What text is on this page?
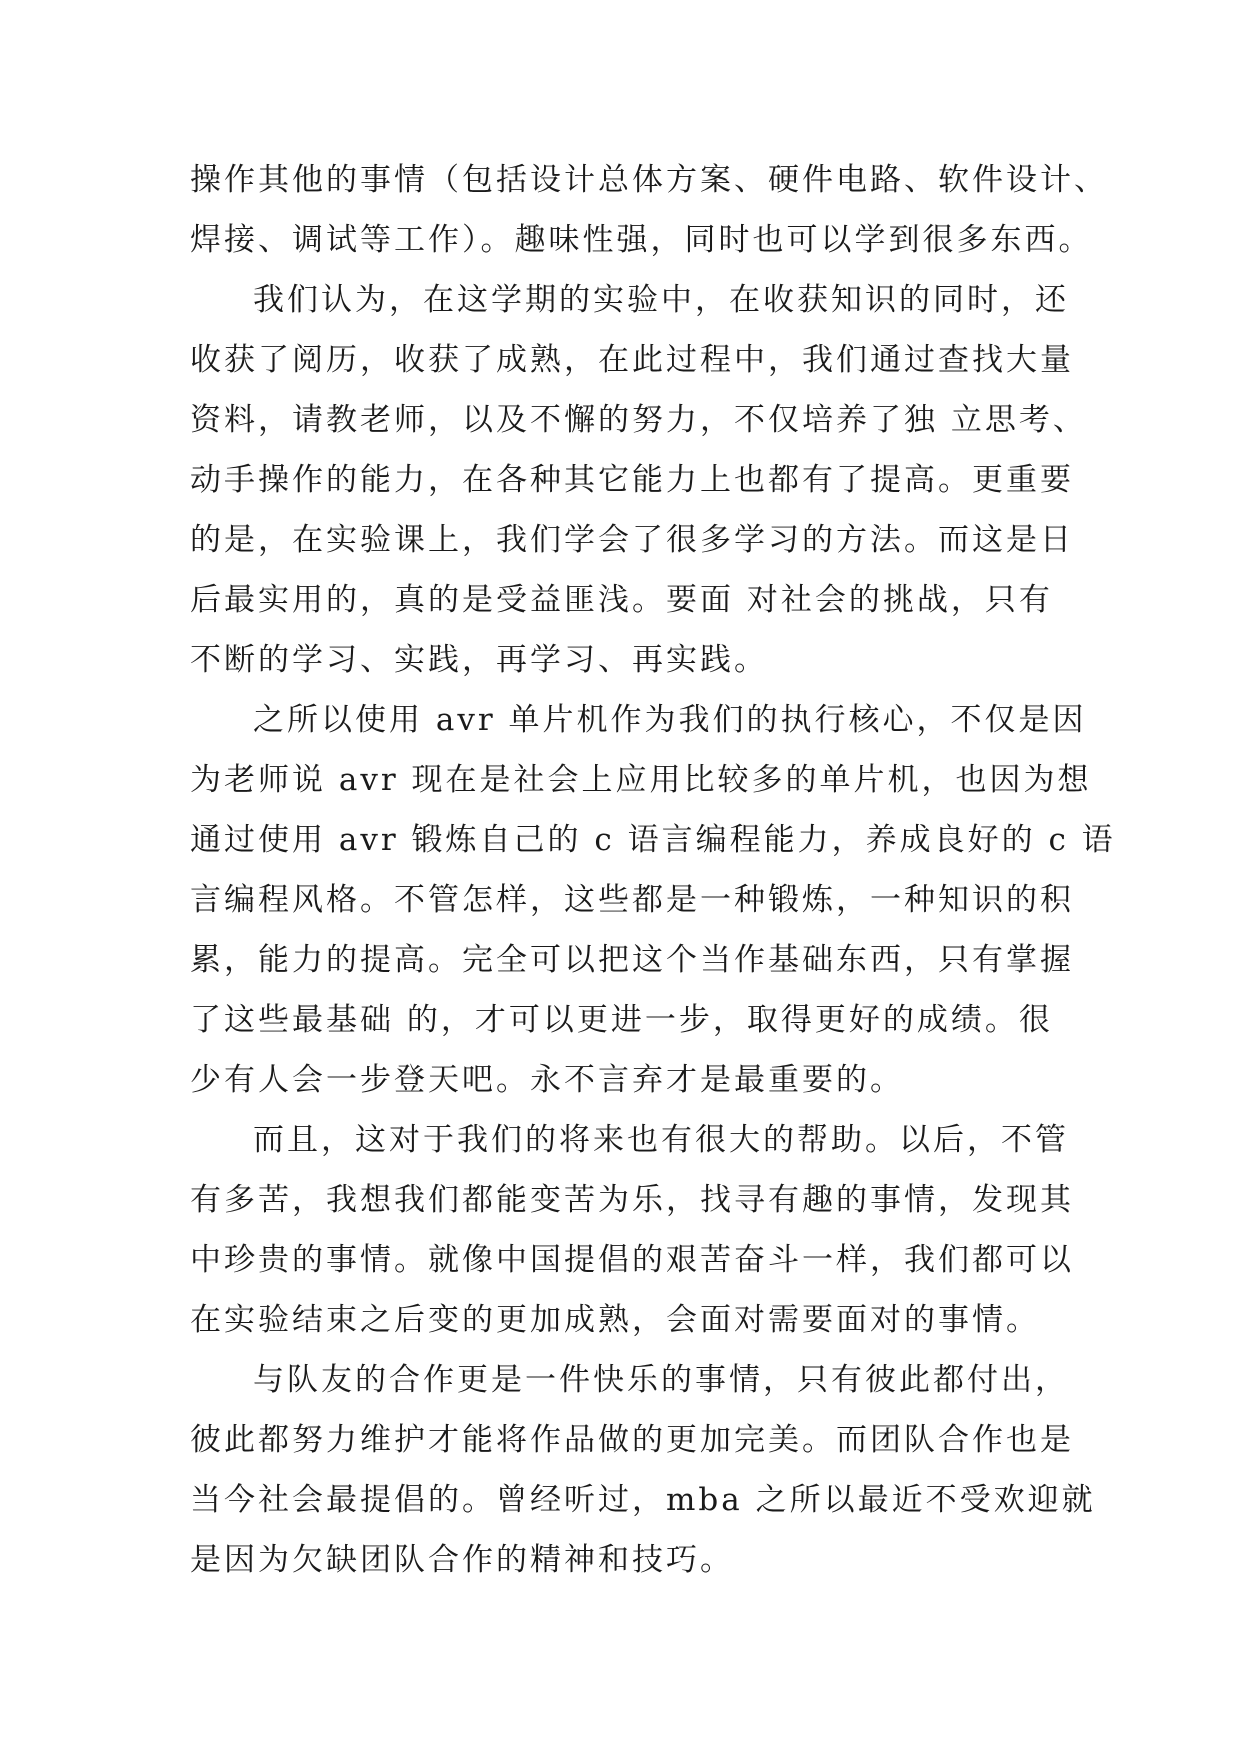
操作其他的事情（包括设计总体方案、硬件电路、软件设计、
焊接、调试等工作）。趣味性强，同时也可以学到很多东西。
我们认为，在这学期的实验中，在收获知识的同时，还
收获了阅历，收获了成熟，在此过程中，我们通过查找大量
资料，请教老师，以及不懈的努力，不仅培养了独 立思考、
动手操作的能力，在各种其它能力上也都有了提高。更重要
的是，在实验课上，我们学会了很多学习的方法。而这是日
后最实用的，真的是受益匪浅。要面 对社会的挑战，只有
不断的学习、实践，再学习、再实践。
之所以使用 avr 单片机作为我们的执行核心，不仅是因
为老师说 avr 现在是社会上应用比较多的单片机，也因为想
通过使用 avr 锻炼自己的 c 语言编程能力，养成良好的 c 语
言编程风格。不管怎样，这些都是一种锻炼，一种知识的积
累，能力的提高。完全可以把这个当作基础东西，只有掌握
了这些最基础 的，才可以更进一步，取得更好的成绩。很
少有人会一步登天吧。永不言弃才是最重要的。
而且，这对于我们的将来也有很大的帮助。以后，不管
有多苦，我想我们都能变苦为乐，找寻有趣的事情，发现其
中珍贵的事情。就像中国提倡的艰苦奋斗一样，我们都可以
在实验结束之后变的更加成熟，会面对需要面对的事情。
与队友的合作更是一件快乐的事情，只有彼此都付出，
彼此都努力维护才能将作品做的更加完美。而团队合作也是
当今社会最提倡的。曾经听过，mba 之所以最近不受欢迎就
是因为欠缺团队合作的精神和技巧。
